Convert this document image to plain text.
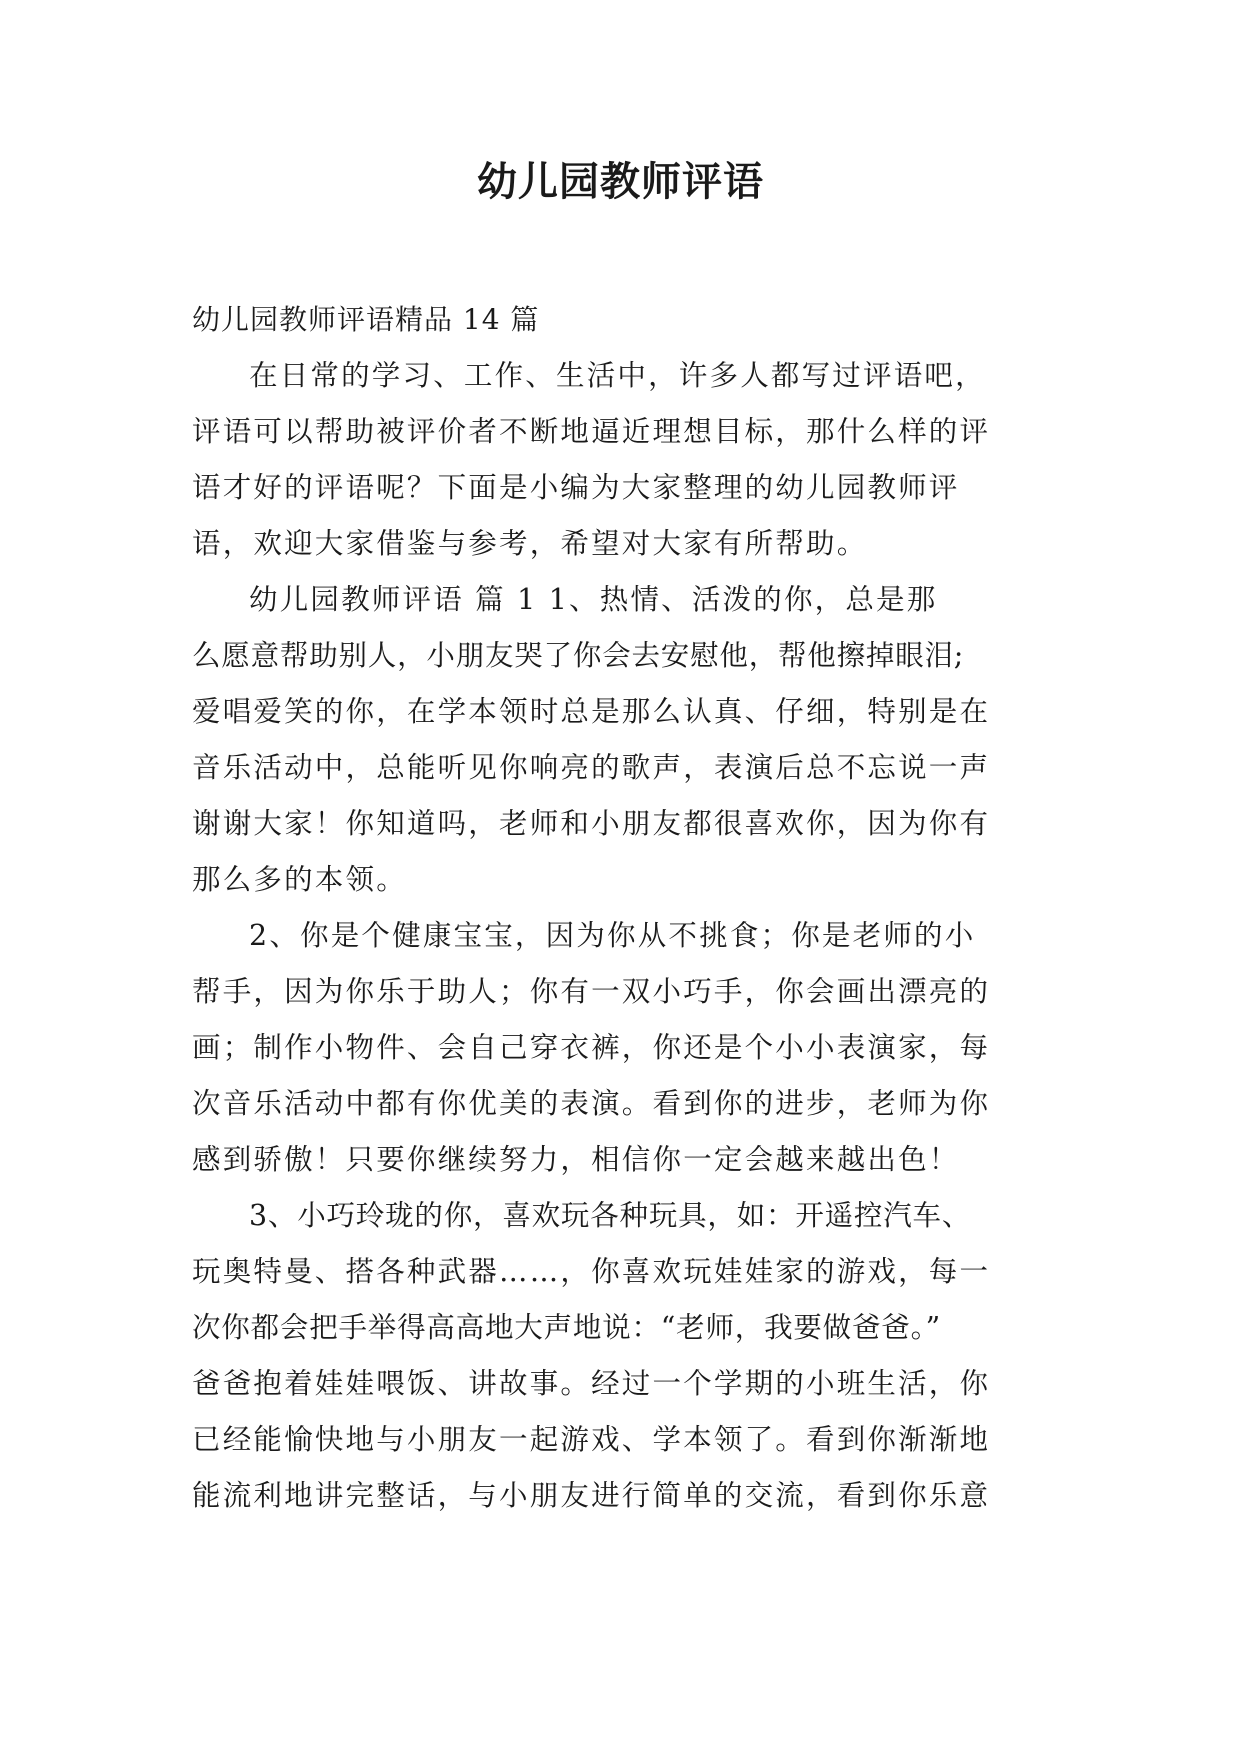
幼儿园教师评语

幼儿园教师评语精品 14 篇

在日常的学习、工作、生活中，许多人都写过评语吧，
评语可以帮助被评价者不断地逼近理想目标，那什么样的评
语才好的评语呢？下面是小编为大家整理的幼儿园教师评
语，欢迎大家借鉴与参考，希望对大家有所帮助。

幼儿园教师评语 篇 1 1、热情、活泼的你，总是那
么愿意帮助别人，小朋友哭了你会去安慰他，帮他擦掉眼泪;
爱唱爱笑的你，在学本领时总是那么认真、仔细，特别是在
音乐活动中，总能听见你响亮的歌声，表演后总不忘说一声
谢谢大家！你知道吗，老师和小朋友都很喜欢你，因为你有
那么多的本领。

2、你是个健康宝宝，因为你从不挑食；你是老师的小
帮手，因为你乐于助人；你有一双小巧手，你会画出漂亮的
画；制作小物件、会自己穿衣裤，你还是个小小表演家，每
次音乐活动中都有你优美的表演。看到你的进步，老师为你
感到骄傲！只要你继续努力，相信你一定会越来越出色！

3、小巧玲珑的你，喜欢玩各种玩具，如：开遥控汽车、
玩奥特曼、搭各种武器……，你喜欢玩娃娃家的游戏，每一
次你都会把手举得高高地大声地说：“老师，我要做爸爸。”
爸爸抱着娃娃喂饭、讲故事。经过一个学期的小班生活，你
已经能愉快地与小朋友一起游戏、学本领了。看到你渐渐地
能流利地讲完整话，与小朋友进行简单的交流，看到你乐意
